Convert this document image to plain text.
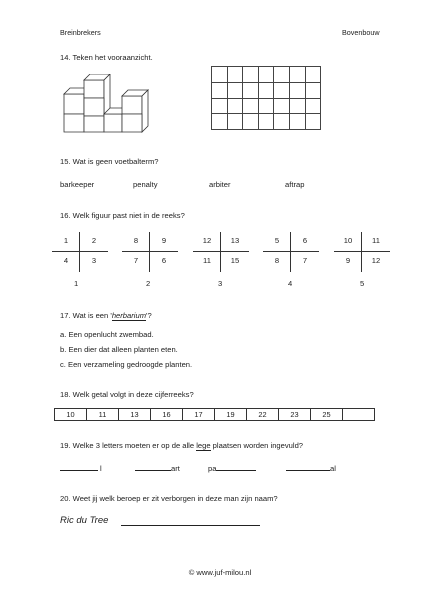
Breinbrekers	Bovenbouw
14. Teken het vooraanzicht.
15. Wat is geen voetbalterm?
barkeeper	penalty	arbiter	aftrap
16. Welk figuur past niet in de reeks?
1	2
4	3
8	9
7	6
12	13
11	15
5	6
8	7
10	11
9	12
1	2	3	4	5
17. Wat is een 'herbarium'?
a. Een openlucht zwembad.
b. Een dier dat alleen planten eten.
c. Een verzameling gedroogde planten.
18. Welk getal volgt in deze cijferreeks?
10	11	13	16	17	19	22	23	25
19. Welke 3 letters moeten er op de alle lege plaatsen worden ingevuld?
l	art	pa	al
20. Weet jij welk beroep er zit verborgen in deze man zijn naam?
Ric du Tree
© www.juf-milou.nl
